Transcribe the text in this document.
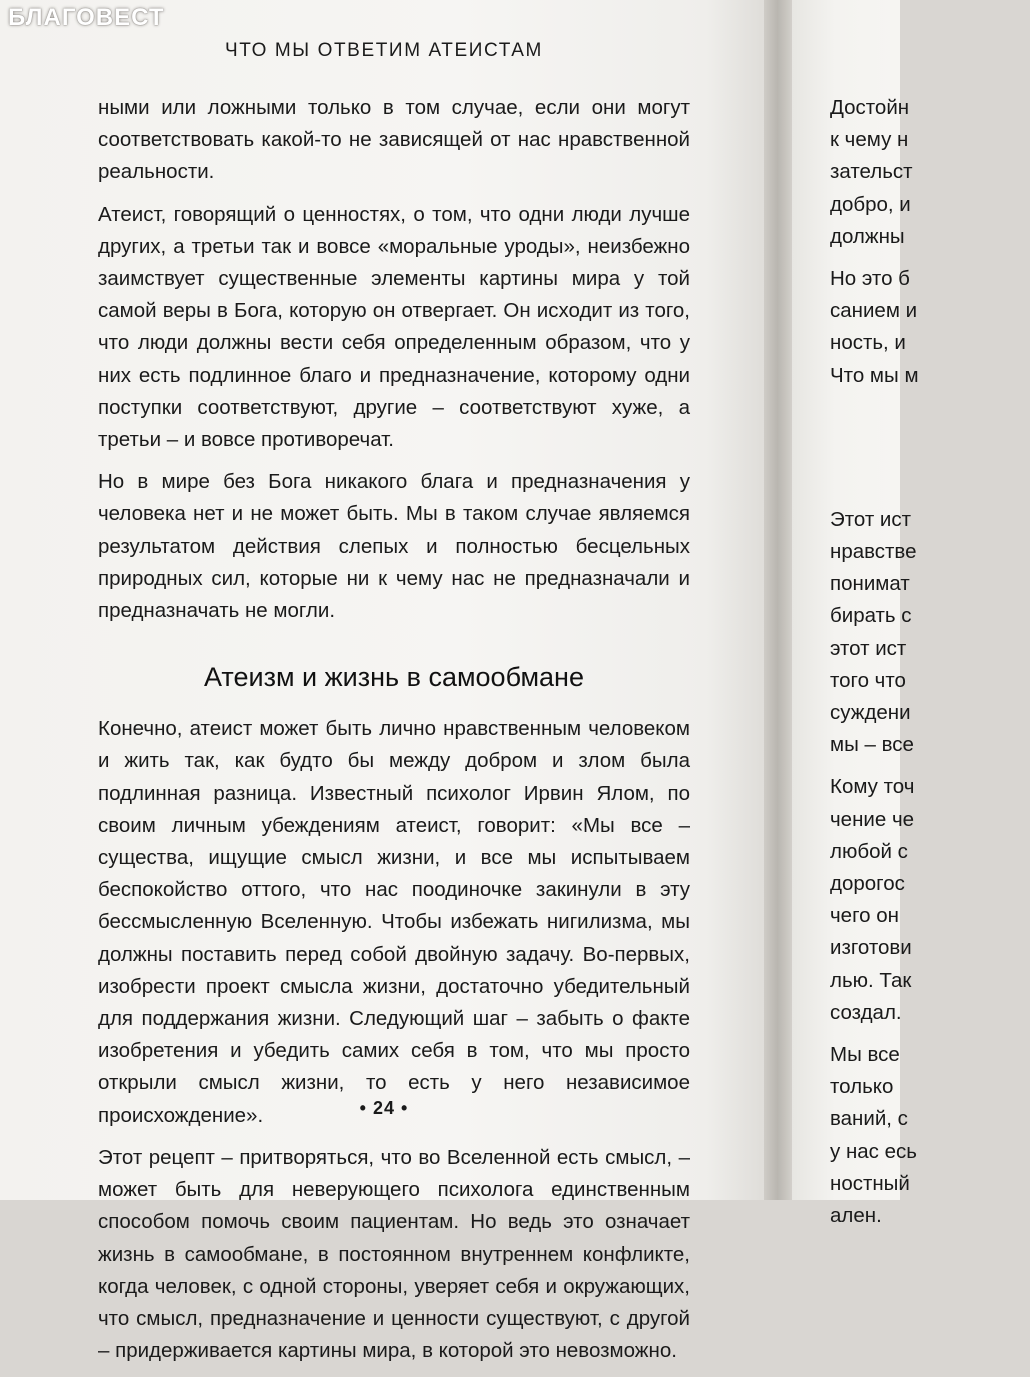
ЧТО МЫ ОТВЕТИМ АТЕИСТАМ

ными или ложными только в том случае, если они могут соответствовать какой-то не зависящей от нас нравственной реальности.

Атеист, говорящий о ценностях, о том, что одни люди лучше других, а третьи так и вовсе «моральные уроды», неизбежно заимствует существенные элементы картины мира у той самой веры в Бога, которую он отвергает. Он исходит из того, что люди должны вести себя определенным образом, что у них есть подлинное благо и предназначение, которому одни поступки соответствуют, другие – соответствуют хуже, а третьи – и вовсе противоречат.

Но в мире без Бога никакого блага и предназначения у человека нет и не может быть. Мы в таком случае являемся результатом действия слепых и полностью бесцельных природных сил, которые ни к чему нас не предназначали и предназначать не могли.

Атеизм и жизнь в самообмане

Конечно, атеист может быть лично нравственным человеком и жить так, как будто бы между добром и злом была подлинная разница. Известный психолог Ирвин Ялом, по своим личным убеждениям атеист, говорит: «Мы все – существа, ищущие смысл жизни, и все мы испытываем беспокойство оттого, что нас поодиночке закинули в эту бессмысленную Вселенную. Чтобы избежать нигилизма, мы должны поставить перед собой двойную задачу. Во-первых, изобрести проект смысла жизни, достаточно убедительный для поддержания жизни. Следующий шаг – забыть о факте изобретения и убедить самих себя в том, что мы просто открыли смысл жизни, то есть у него независимое происхождение».

Этот рецепт – притворяться, что во Вселенной есть смысл, – может быть для неверующего психолога единственным способом помочь своим пациентам. Но ведь это означает жизнь в самообмане, в постоянном внутреннем конфликте, когда человек, с одной стороны, уверяет себя и окружающих, что смысл, предназначение и ценности существуют, с другой – придерживается картины мира, в которой это невозможно.

• 24 •
Достойн
к чему н
зательст
добро, и
должны
Но это б
санием и
ность, и
Что мы м
Этот ист
нравстве
понимат
бирать с
этот ист
того что
суждени
мы – все
Кому точ
чение че
любой с
дорогос
чего он
изготови
лью. Так
создал.
Мы все
только
ваний, с
у нас есь
ностный
ален.
БЛАГОВЕСТ
